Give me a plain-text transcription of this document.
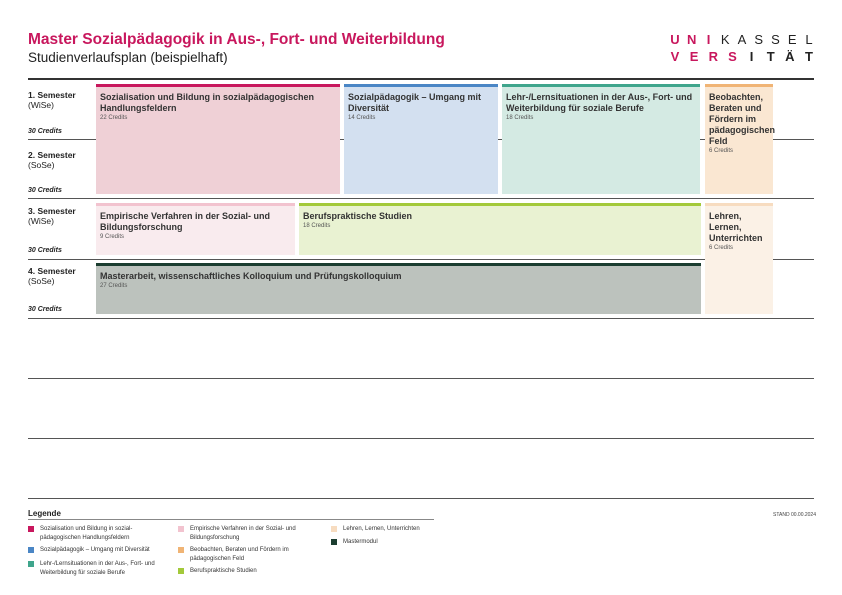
Master Sozialpädagogik in Aus-, Fort- und Weiterbildung
Studienverlaufsplan (beispielhaft)
U N I K A S S E L
V E R S	I	T Ä T
1. Semester
(WiSe)
30 Credits
2. Semester
(SoSe)
30 Credits
3. Semester
(WiSe)
30 Credits
4. Semester
(SoSe)
30 Credits
Sozialisation und Bildung in sozialpädagogischen Handlungsfeldern
22 Credits
Sozialpädagogik – Umgang mit Diversität
14 Credits
Lehr-/Lernsituationen in der Aus-, Fort- und Weiterbildung für soziale Berufe
18 Credits
Beobachten, Beraten und Fördern im pädagogischen Feld
6 Credits
Empirische Verfahren in der Sozial- und Bildungsforschung
9 Credits
Berufspraktische Studien
18 Credits
Lehren, Lernen, Unterrichten
6 Credits
Masterarbeit, wissenschaftliches Kolloquium und Prüfungskolloquium
27 Credits
Legende	STAND 00.00.2024
Sozialisation und Bildung in sozial-pädagogischen Handlungsfeldern
Sozialpädagogik – Umgang mit Diversität
Lehr-/Lernsituationen in der Aus-, Fort- und Weiterbildung für soziale Berufe
Empirische Verfahren in der Sozial- und Bildungsforschung
Beobachten, Beraten und Fördern im pädagogischen Feld
Berufspraktische Studien
Lehren, Lernen, Unterrichten
Mastermodul
